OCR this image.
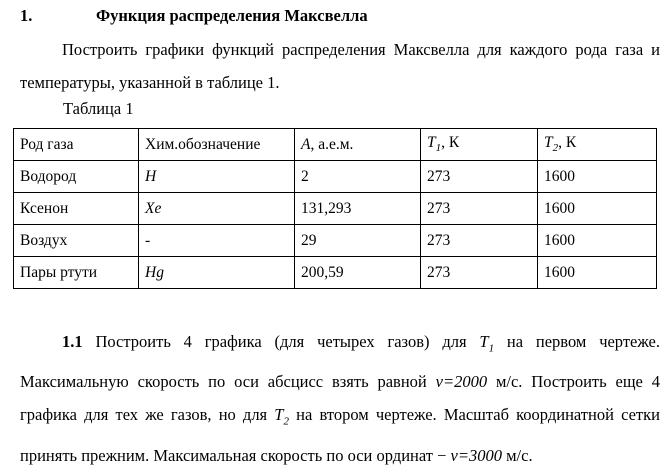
1.	Функция распределения Максвелла
Построить графики функций распределения Максвелла для каждого рода газа и температуры, указанной в таблице 1.
Таблица 1
Род газа	Хим.обозначение	A, а.е.м.	$T_1$, К	$T_2$, К
Водород	H	2	273	1600
Ксенон	Xe	131,293	273	1600
Воздух	-	29	273	1600
Пары ртути	Hg	200,59	273	1600
1.1 Построить 4 графика (для четырех газов) для $T_1$ на первом чертеже. Максимальную скорость по оси абсцисс взять равной v=2000 м/с. Построить еще 4 графика для тех же газов, но для $T_2$ на втором чертеже. Масштаб координатной сетки принять прежним. Максимальная скорость по оси ординат − v=3000 м/с.
